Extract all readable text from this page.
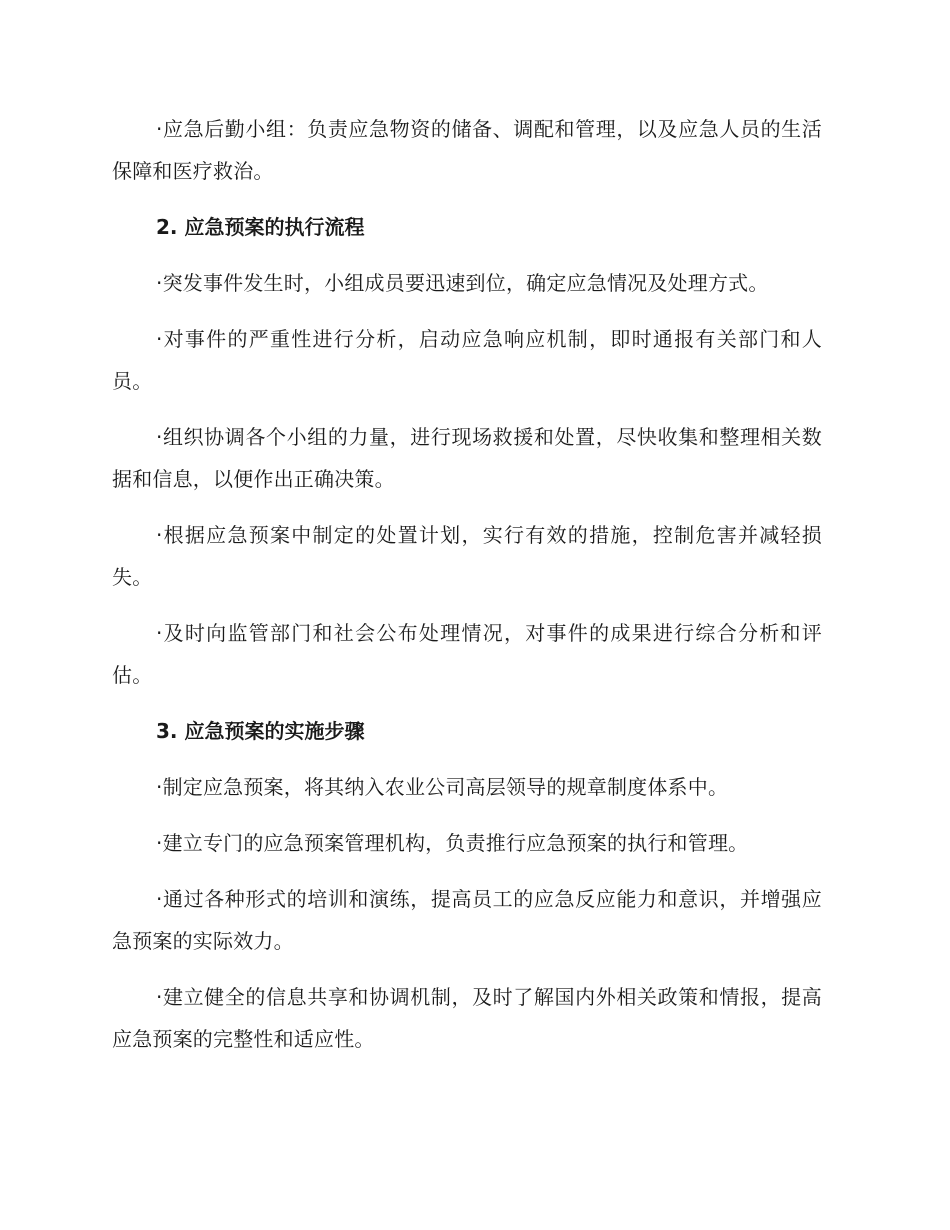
·应急后勤小组：负责应急物资的储备、调配和管理，以及应急人员的生活保障和医疗救治。

2. 应急预案的执行流程

·突发事件发生时，小组成员要迅速到位，确定应急情况及处理方式。

·对事件的严重性进行分析，启动应急响应机制，即时通报有关部门和人员。

·组织协调各个小组的力量，进行现场救援和处置，尽快收集和整理相关数据和信息，以便作出正确决策。

·根据应急预案中制定的处置计划，实行有效的措施，控制危害并减轻损失。

·及时向监管部门和社会公布处理情况，对事件的成果进行综合分析和评估。

3. 应急预案的实施步骤

·制定应急预案，将其纳入农业公司高层领导的规章制度体系中。

·建立专门的应急预案管理机构，负责推行应急预案的执行和管理。

·通过各种形式的培训和演练，提高员工的应急反应能力和意识，并增强应急预案的实际效力。

·建立健全的信息共享和协调机制，及时了解国内外相关政策和情报，提高应急预案的完整性和适应性。
